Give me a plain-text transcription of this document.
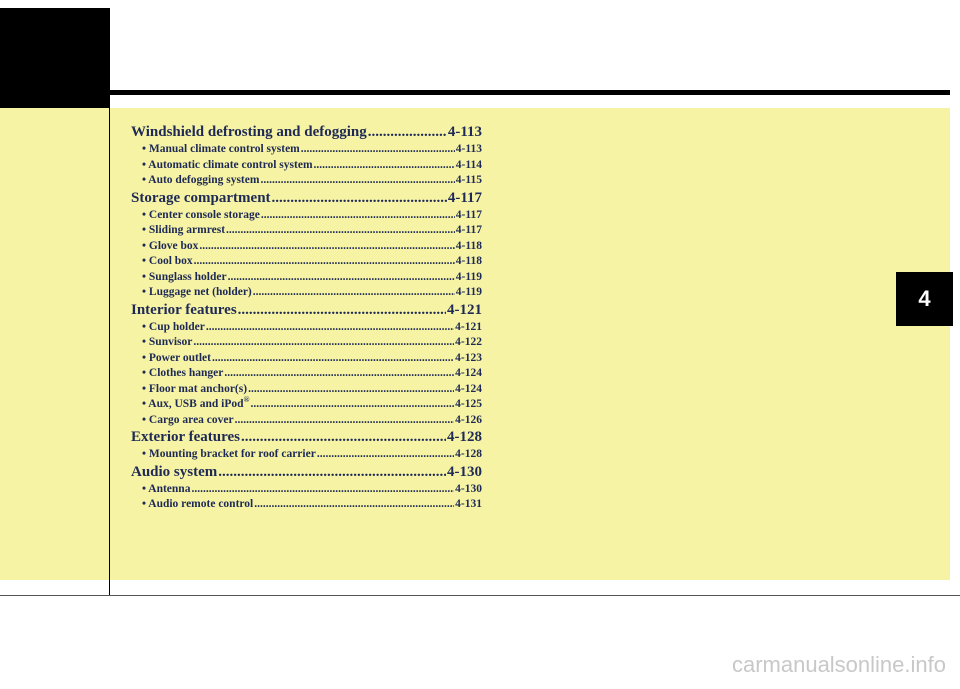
4
Windshield defrosting and defogging .....	4-113
• Manual climate control system .....	4-113
• Automatic climate control system .....	4-114
• Auto defogging system .....	4-115
Storage compartment .....	4-117
• Center console storage .....	4-117
• Sliding armrest .....	4-117
• Glove box .....	4-118
• Cool box .....	4-118
• Sunglass holder .....	4-119
• Luggage net (holder) .....	4-119
Interior features .....	4-121
• Cup holder .....	4-121
• Sunvisor .....	4-122
• Power outlet .....	4-123
• Clothes hanger .....	4-124
• Floor mat anchor(s) .....	4-124
• Aux, USB and iPod® .....	4-125
• Cargo area cover .....	4-126
Exterior features .....	4-128
• Mounting bracket for roof carrier .....	4-128
Audio system .....	4-130
• Antenna .....	4-130
• Audio remote control .....	4-131
carmanualsonline.info
